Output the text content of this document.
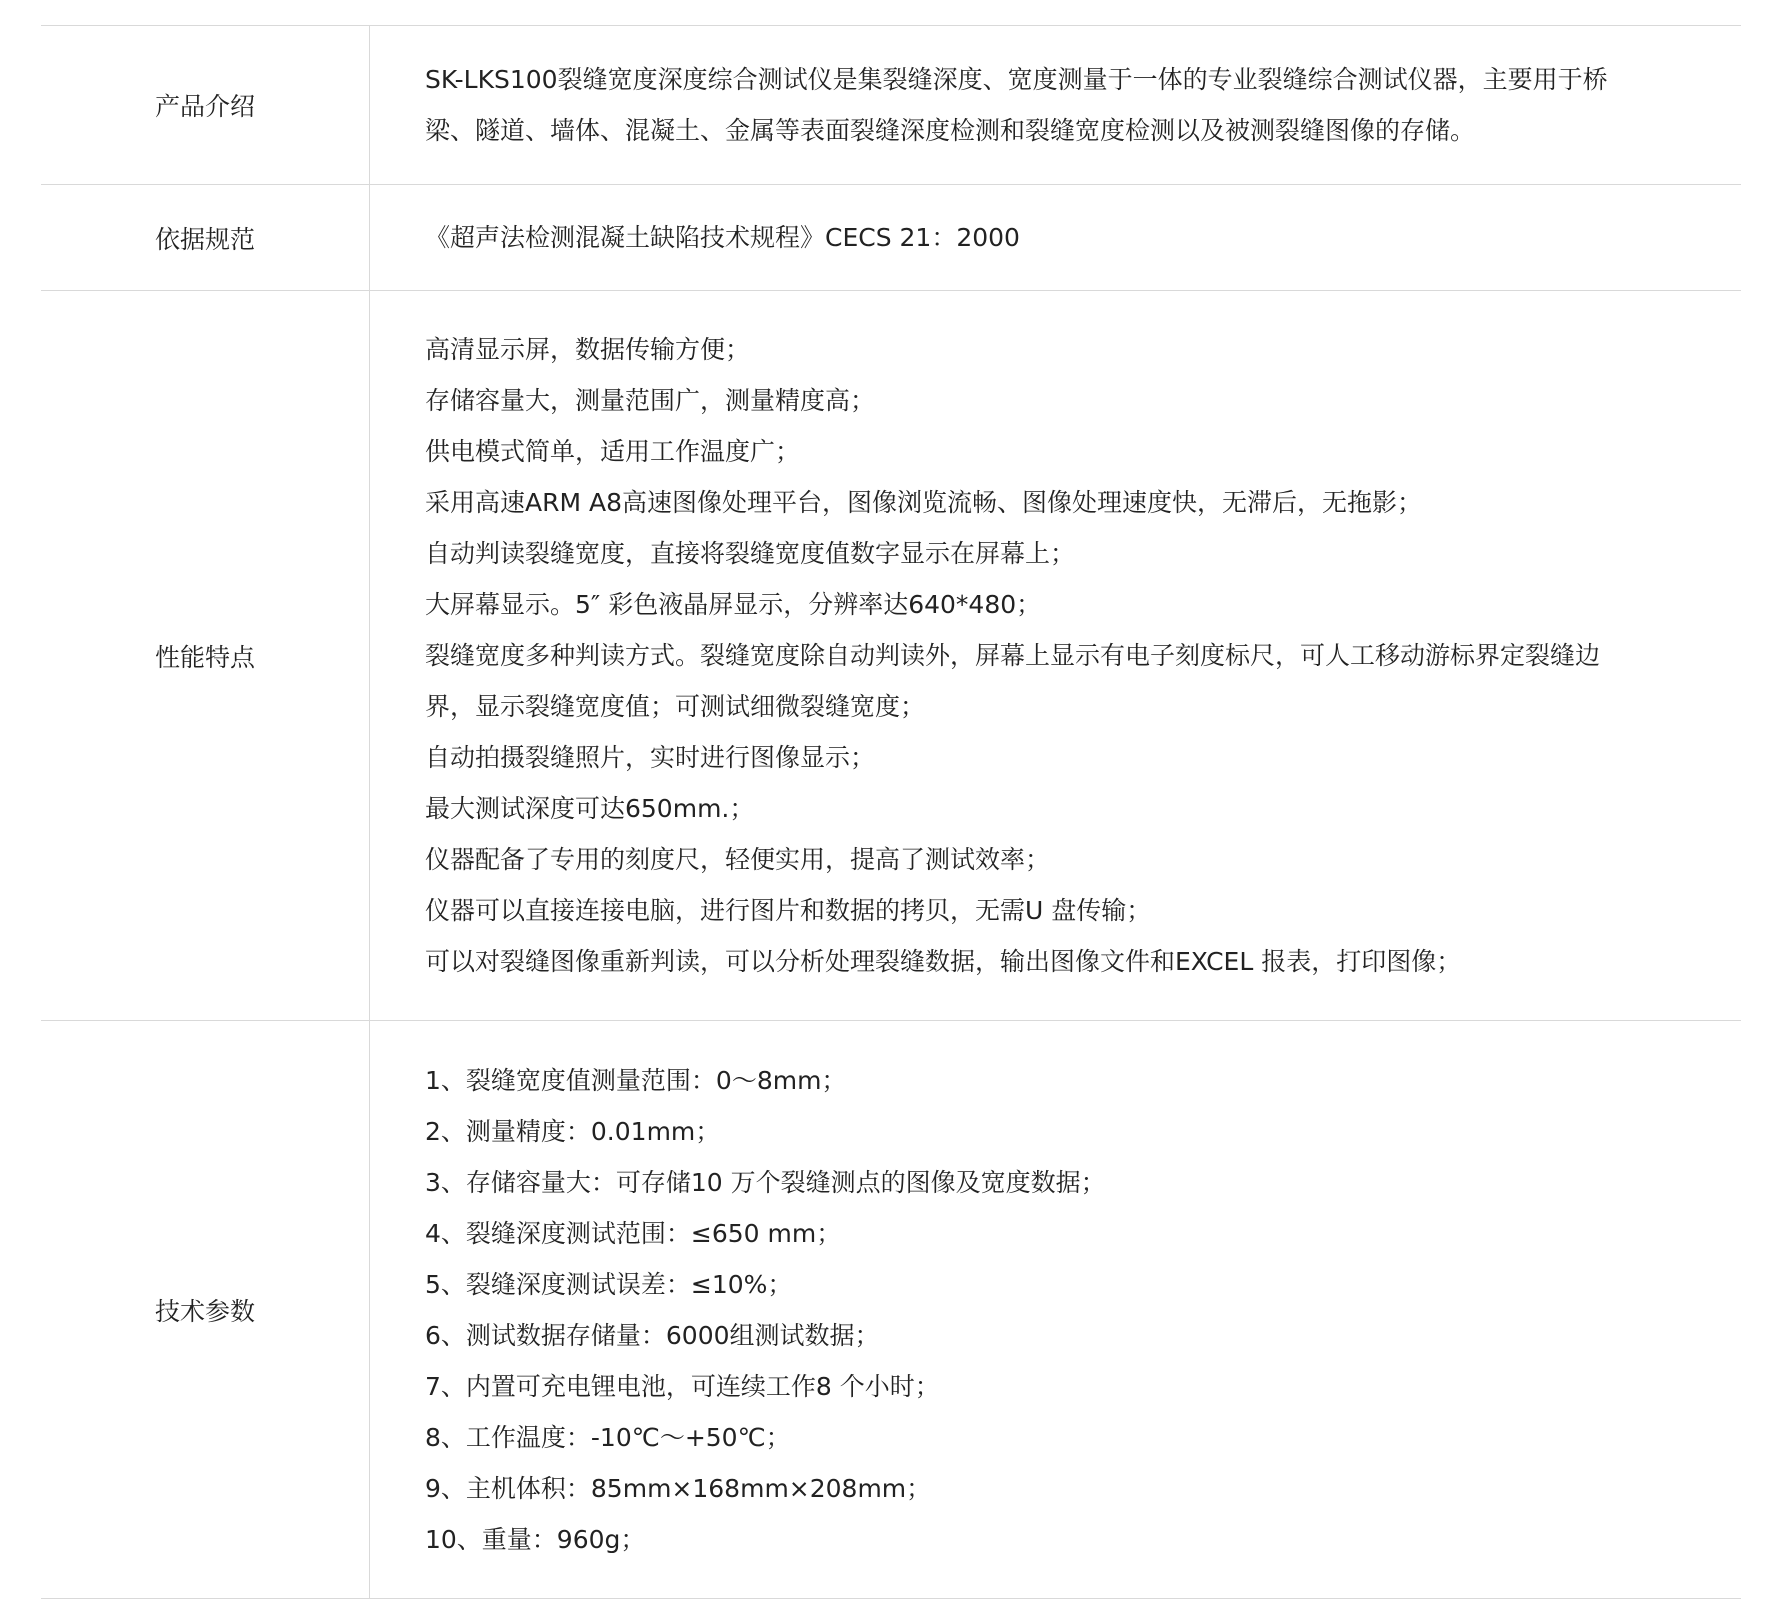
产品介绍
SK-LKS100裂缝宽度深度综合测试仪是集裂缝深度、宽度测量于一体的专业裂缝综合测试仪器，主要用于桥
梁、隧道、墙体、混凝土、金属等表面裂缝深度检测和裂缝宽度检测以及被测裂缝图像的存储。
依据规范	《超声法检测混凝土缺陷技术规程》CECS 21：2000
性能特点
高清显示屏，数据传输方便；
存储容量大，测量范围广，测量精度高；
供电模式简单，适用工作温度广；
采用高速ARM A8高速图像处理平台，图像浏览流畅、图像处理速度快，无滞后，无拖影；
自动判读裂缝宽度，直接将裂缝宽度值数字显示在屏幕上；
大屏幕显示。5″ 彩色液晶屏显示，分辨率达640*480；
裂缝宽度多种判读方式。裂缝宽度除自动判读外，屏幕上显示有电子刻度标尺，可人工移动游标界定裂缝边
界，显示裂缝宽度值；可测试细微裂缝宽度；
自动拍摄裂缝照片，实时进行图像显示；
最大测试深度可达650mm.；
仪器配备了专用的刻度尺，轻便实用，提高了测试效率；
仪器可以直接连接电脑，进行图片和数据的拷贝，无需U 盘传输；
可以对裂缝图像重新判读，可以分析处理裂缝数据，输出图像文件和EXCEL 报表，打印图像；
技术参数
1、裂缝宽度值测量范围：0～8mm；
2、测量精度：0.01mm；
3、存储容量大：可存储10 万个裂缝测点的图像及宽度数据；
4、裂缝深度测试范围：≤650 mm；
5、裂缝深度测试误差：≤10%；
6、测试数据存储量：6000组测试数据；
7、内置可充电锂电池，可连续工作8 个小时；
8、工作温度：-10℃～+50℃；
9、主机体积：85mm×168mm×208mm；
10、重量：960g；
